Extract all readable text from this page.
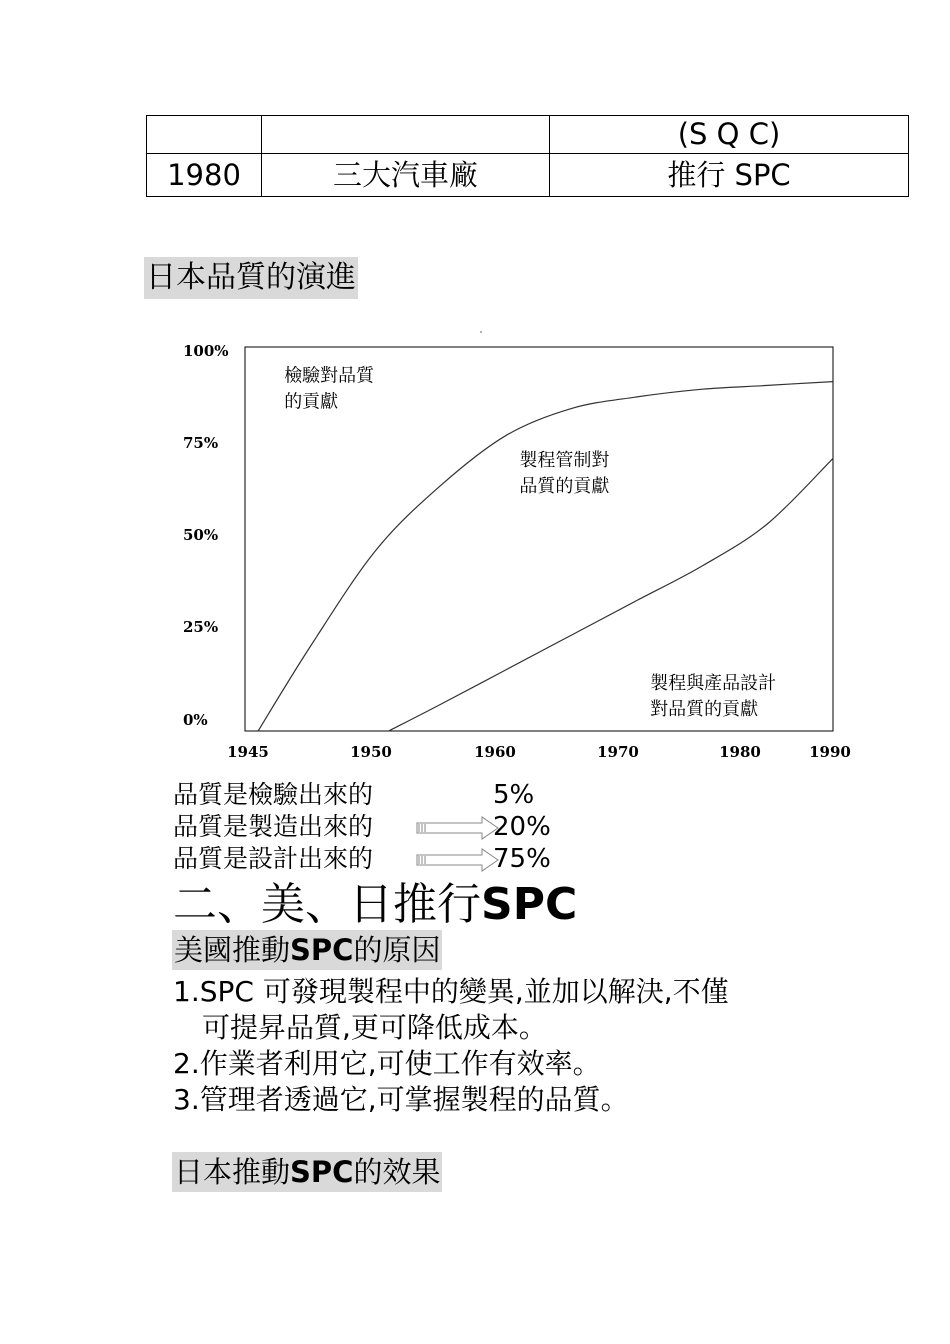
		(S Q C)
1980	三大汽車廠	推行 SPC
日本品質的演進
100%
75%
50%
25%
0%
1945	1950	1960	1970	1980	1990
檢驗對品質
的貢獻
製程管制對
品質的貢獻
製程與產品設計
對品質的貢獻
品質是檢驗出來的	5%
品質是製造出來的	20%
品質是設計出來的	75%
二、美、日推行SPC
美國推動SPC的原因
1.SPC 可發現製程中的變異,並加以解決,不僅
可提昇品質,更可降低成本。
2.作業者利用它,可使工作有效率。
3.管理者透過它,可掌握製程的品質。
日本推動SPC的效果
